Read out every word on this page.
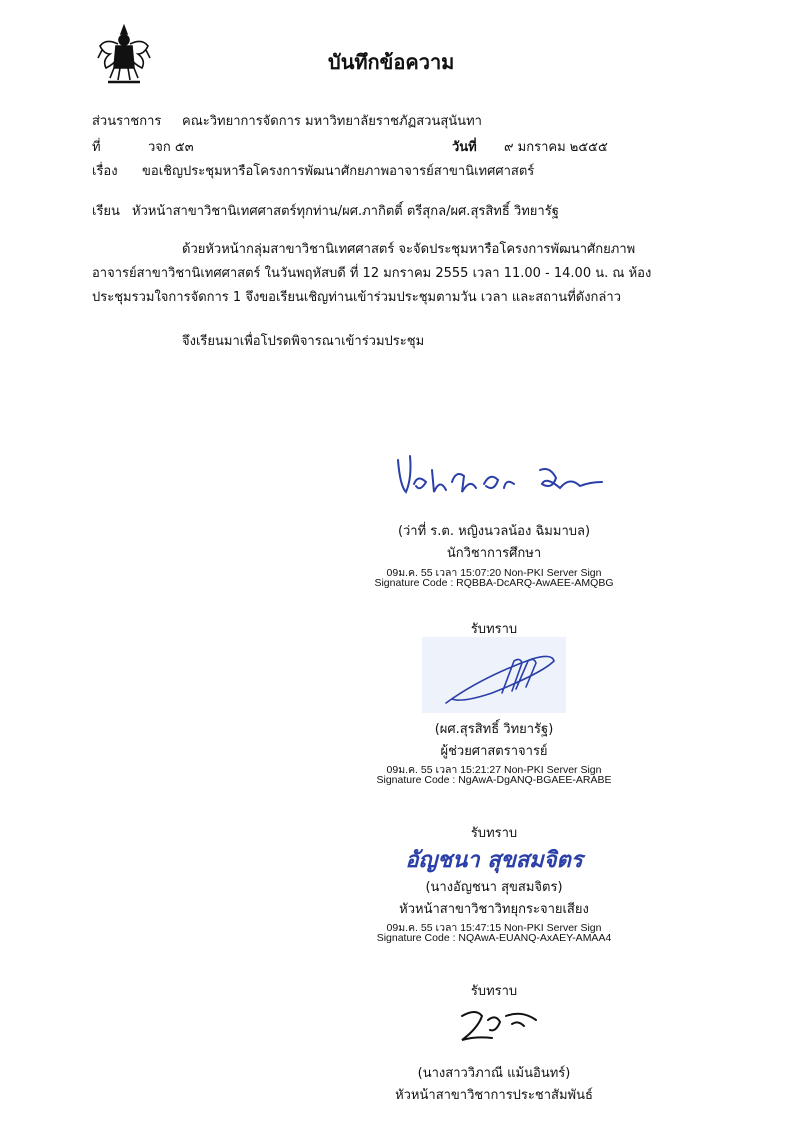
บันทึกข้อความ
ส่วนราชการ คณะวิทยาการจัดการ มหาวิทยาลัยราชภัฏสวนสุนันทา
ที่	วจก ๕๓	วันที่ ๙ มกราคม ๒๕๕๕
เรื่อง ขอเชิญประชุมหารือโครงการพัฒนาศักยภาพอาจารย์สาขานิเทศศาสตร์
เรียน หัวหน้าสาขาวิชานิเทศศาสตร์ทุกท่าน/ผศ.ภากิตติ์ ตรีสุกล/ผศ.สุรสิทธิ์ วิทยารัฐ
ด้วยหัวหน้ากลุ่มสาขาวิชานิเทศศาสตร์ จะจัดประชุมหารือโครงการพัฒนาศักยภาพ
อาจารย์สาขาวิชานิเทศศาสตร์ ในวันพฤหัสบดี ที่ 12 มกราคม 2555 เวลา 11.00 - 14.00 น. ณ ห้อง
ประชุมรวมใจการจัดการ 1 จึงขอเรียนเชิญท่านเข้าร่วมประชุมตามวัน เวลา และสถานที่ดังกล่าว
จึงเรียนมาเพื่อโปรดพิจารณาเข้าร่วมประชุม
(ว่าที่ ร.ต. หญิงนวลน้อง ฉิมมาบล)
นักวิชาการศึกษา
09ม.ค. 55 เวลา 15:07:20 Non-PKI Server Sign
Signature Code : RQBBA-DcARQ-AwAEE-AMQBG
รับทราบ
(ผศ.สุรสิทธิ์ วิทยารัฐ)
ผู้ช่วยศาสตราจารย์
09ม.ค. 55 เวลา 15:21:27 Non-PKI Server Sign
Signature Code : NgAwA-DgANQ-BGAEE-ARABE
รับทราบ
อัญชนา สุขสมจิตร
(นางอัญชนา สุขสมจิตร)
หัวหน้าสาขาวิชาวิทยุกระจายเสียง
09ม.ค. 55 เวลา 15:47:15 Non-PKI Server Sign
Signature Code : NQAwA-EUANQ-AxAEY-AMAA4
รับทราบ
(นางสาววิภาณี แม้นอินทร์)
หัวหน้าสาขาวิชาการประชาสัมพันธ์
